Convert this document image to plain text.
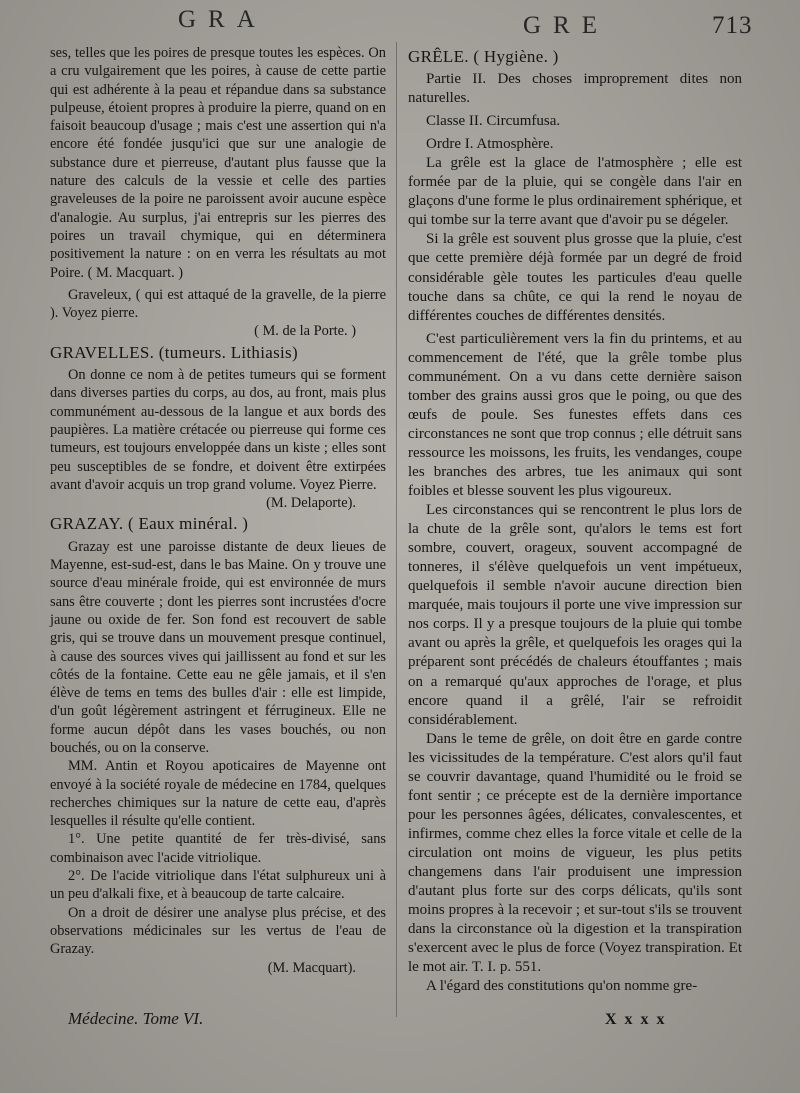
GRA	GRE	713

ses, telles que les poires de presque toutes les espèces. On a cru vulgairement que les poires, à cause de cette partie qui est adhérente à la peau et répandue dans sa substance pulpeuse, étoient propres à produire la pierre, quand on en faisoit beaucoup d'usage ; mais c'est une assertion qui n'a encore été fondée jusqu'ici que sur une analogie de substance dure et pierreuse, d'autant plus fausse que la nature des calculs de la vessie et celle des parties graveleuses de la poire ne paroissent avoir aucune espèce d'analogie. Au surplus, j'ai entrepris sur les pierres des poires un travail chymique, qui en déterminera positivement la nature : on en verra les résultats au mot Poire. ( M. Macquart. )

Graveleux, ( qui est attaqué de la gravelle, de la pierre ). Voyez pierre.

( M. de la Porte. )

GRAVELLES. (tumeurs. Lithiasis)

On donne ce nom à de petites tumeurs qui se forment dans diverses parties du corps, au dos, au front, mais plus communément au-dessous de la langue et aux bords des paupières. La matière crétacée ou pierreuse qui forme ces tumeurs, est toujours enveloppée dans un kiste ; elles sont peu susceptibles de se fondre, et doivent être extirpées avant d'avoir acquis un trop grand volume. Voyez Pierre.

(M. Delaporte).

GRAZAY. ( Eaux minéral. )

Grazay est une paroisse distante de deux lieues de Mayenne, est-sud-est, dans le bas Maine. On y trouve une source d'eau minérale froide, qui est environnée de murs sans être couverte ; dont les pierres sont incrustées d'ocre jaune ou oxide de fer. Son fond est recouvert de sable gris, qui se trouve dans un mouvement presque continuel, à cause des sources vives qui jaillissent au fond et sur les côtés de la fontaine. Cette eau ne gêle jamais, et il s'en élève de tems en tems des bulles d'air : elle est limpide, d'un goût légèrement astringent et férrugineux. Elle ne forme aucun dépôt dans les vases bouchés, ou non bouchés, ou on la conserve.

MM. Antin et Royou apoticaires de Mayenne ont envoyé à la société royale de médecine en 1784, quelques recherches chimiques sur la nature de cette eau, d'après lesquelles il résulte qu'elle contient.

1°. Une petite quantité de fer très-divisé, sans combinaison avec l'acide vitriolique.

2°. De l'acide vitriolique dans l'état sulphureux uni à un peu d'alkali fixe, et à beaucoup de tarte calcaire.

On a droit de désirer une analyse plus précise, et des observations médicinales sur les vertus de l'eau de Grazay.

(M. Macquart).

GRÊLE. ( Hygiène. )

Partie II. Des choses improprement dites non naturelles.

Classe II. Circumfusa.

Ordre I. Atmosphère.

La grêle est la glace de l'atmosphère ; elle est formée par de la pluie, qui se congèle dans l'air en glaçons d'une forme le plus ordinairement sphérique, et qui tombe sur la terre avant que d'avoir pu se dégeler.

Si la grêle est souvent plus grosse que la pluie, c'est que cette première déjà formée par un degré de froid considérable gèle toutes les particules d'eau quelle touche dans sa chûte, ce qui la rend le noyau de différentes couches de différentes densités.

C'est particulièrement vers la fin du printems, et au commencement de l'été, que la grêle tombe plus communément. On a vu dans cette dernière saison tomber des grains aussi gros que le poing, ou que des œufs de poule. Ses funestes effets dans ces circonstances ne sont que trop connus ; elle détruit sans ressource les moissons, les fruits, les vendanges, coupe les branches des arbres, tue les animaux qui sont foibles et blesse souvent les plus vigoureux.

Les circonstances qui se rencontrent le plus lors de la chute de la grêle sont, qu'alors le tems est fort sombre, couvert, orageux, souvent accompagné de tonneres, il s'élève quelquefois un vent impétueux, quelquefois il semble n'avoir aucune direction bien marquée, mais toujours il porte une vive impression sur nos corps. Il y a presque toujours de la pluie qui tombe avant ou après la grêle, et quelquefois les orages qui la préparent sont précédés de chaleurs étouffantes ; mais on a remarqué qu'aux approches de l'orage, et plus encore quand il a grêlé, l'air se refroidit considérablement.

Dans le teme de grêle, on doit être en garde contre les vicissitudes de la température. C'est alors qu'il faut se couvrir davantage, quand l'humidité ou le froid se font sentir ; ce précepte est de la dernière importance pour les personnes âgées, délicates, convalescentes, et infirmes, comme chez elles la force vitale et celle de la circulation ont moins de vigueur, les plus petits changemens dans l'air produisent une impression d'autant plus forte sur des corps délicats, qu'ils sont moins propres à la recevoir ; et sur-tout s'ils se trouvent dans la circonstance où la digestion et la transpiration s'exercent avec le plus de force (Voyez transpiration. Et le mot air. T. I. p. 551.

A l'égard des constitutions qu'on nomme gre-

Médecine. Tome VI.	X x x x
